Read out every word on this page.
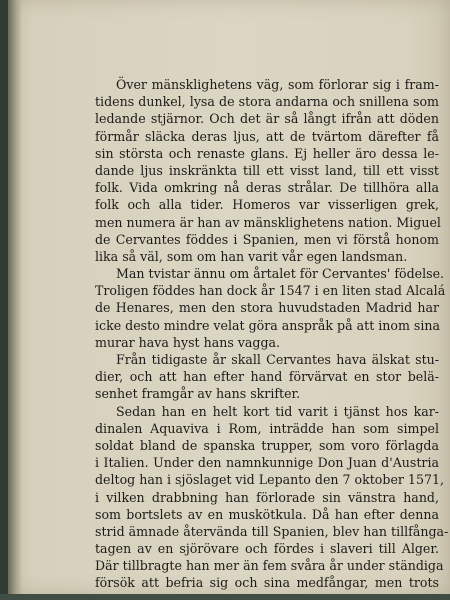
Över mänsklighetens väg, som förlorar sig i fram-
tidens dunkel, lysa de stora andarna och snillena som
ledande stjärnor. Och det är så långt ifrån att döden
förmår släcka deras ljus, att de tvärtom därefter få
sin största och renaste glans. Ej heller äro dessa le-
dande ljus inskränkta till ett visst land, till ett visst
folk. Vida omkring nå deras strålar. De tillhöra alla
folk och alla tider. Homeros var visserligen grek,
men numera är han av mänsklighetens nation. Miguel
de Cervantes föddes i Spanien, men vi förstå honom
lika så väl, som om han varit vår egen landsman.
Man tvistar ännu om årtalet för Cervantes' födelse.
Troligen föddes han dock år 1547 i en liten stad Alcalá
de Henares, men den stora huvudstaden Madrid har
icke desto mindre velat göra anspråk på att inom sina
murar hava hyst hans vagga.
Från tidigaste år skall Cervantes hava älskat stu-
dier, och att han efter hand förvärvat en stor belä-
senhet framgår av hans skrifter.
Sedan han en helt kort tid varit i tjänst hos kar-
dinalen Aquaviva i Rom, inträdde han som simpel
soldat bland de spanska trupper, som voro förlagda
i Italien. Under den namnkunnige Don Juan d'Austria
deltog han i sjöslaget vid Lepanto den 7 oktober 1571,
i vilken drabbning han förlorade sin vänstra hand,
som bortslets av en muskötkula. Då han efter denna
strid ämnade återvända till Spanien, blev han tillfånga-
tagen av en sjörövare och fördes i slaveri till Alger.
Där tillbragte han mer än fem svåra år under ständiga
försök att befria sig och sina medfångar, men trots
